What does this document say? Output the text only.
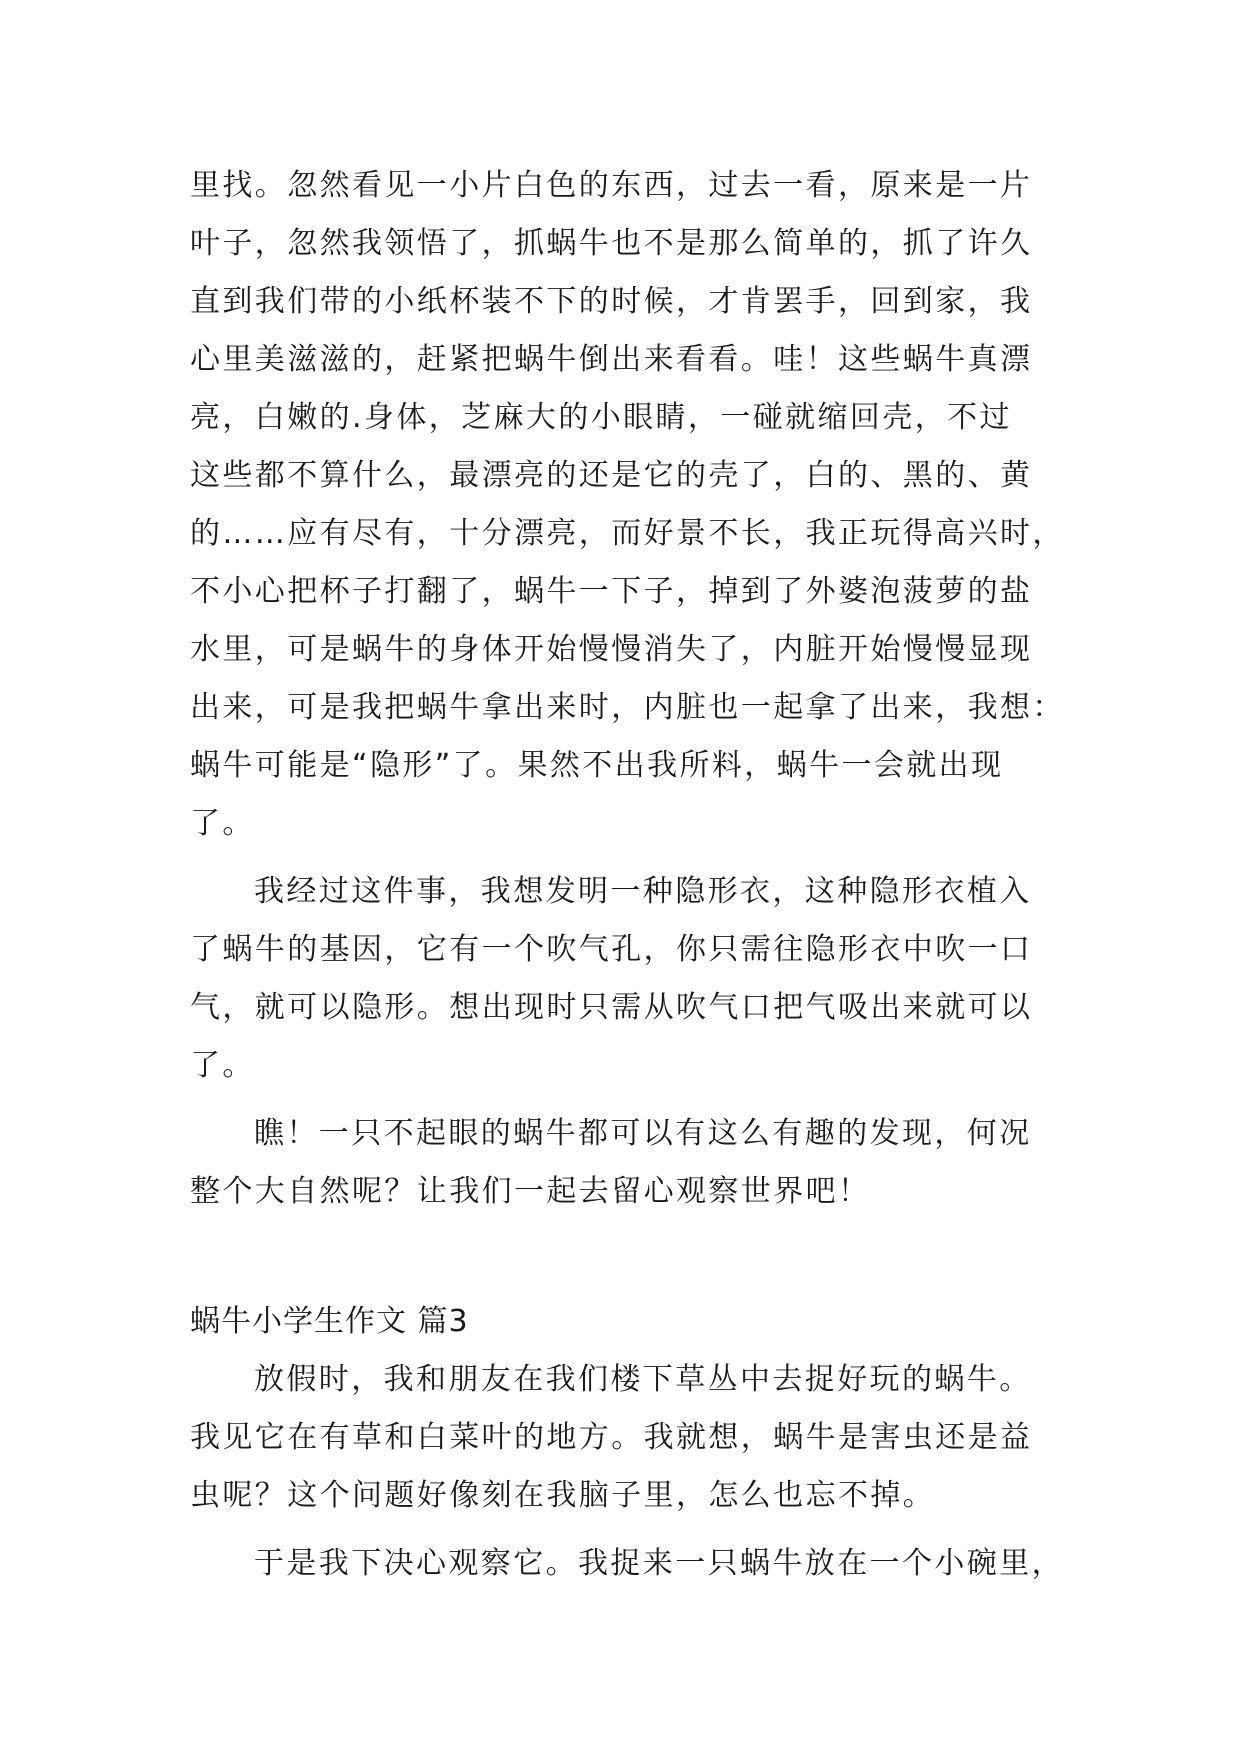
里找。忽然看见一小片白色的东西，过去一看，原来是一片
叶子，忽然我领悟了，抓蜗牛也不是那么简单的，抓了许久
直到我们带的小纸杯装不下的时候，才肯罢手，回到家，我
心里美滋滋的，赶紧把蜗牛倒出来看看。哇！这些蜗牛真漂
亮，白嫩的.身体，芝麻大的小眼睛，一碰就缩回壳，不过
这些都不算什么，最漂亮的还是它的壳了，白的、黑的、黄
的……应有尽有，十分漂亮，而好景不长，我正玩得高兴时，
不小心把杯子打翻了，蜗牛一下子，掉到了外婆泡菠萝的盐
水里，可是蜗牛的身体开始慢慢消失了，内脏开始慢慢显现
出来，可是我把蜗牛拿出来时，内脏也一起拿了出来，我想：
蜗牛可能是“隐形”了。果然不出我所料，蜗牛一会就出现
了。
我经过这件事，我想发明一种隐形衣，这种隐形衣植入
了蜗牛的基因，它有一个吹气孔，你只需往隐形衣中吹一口
气，就可以隐形。想出现时只需从吹气口把气吸出来就可以
了。
瞧！一只不起眼的蜗牛都可以有这么有趣的发现，何况
整个大自然呢？让我们一起去留心观察世界吧！
蜗牛小学生作文 篇3
放假时，我和朋友在我们楼下草丛中去捉好玩的蜗牛。
我见它在有草和白菜叶的地方。我就想，蜗牛是害虫还是益
虫呢？这个问题好像刻在我脑子里，怎么也忘不掉。
于是我下决心观察它。我捉来一只蜗牛放在一个小碗里，
